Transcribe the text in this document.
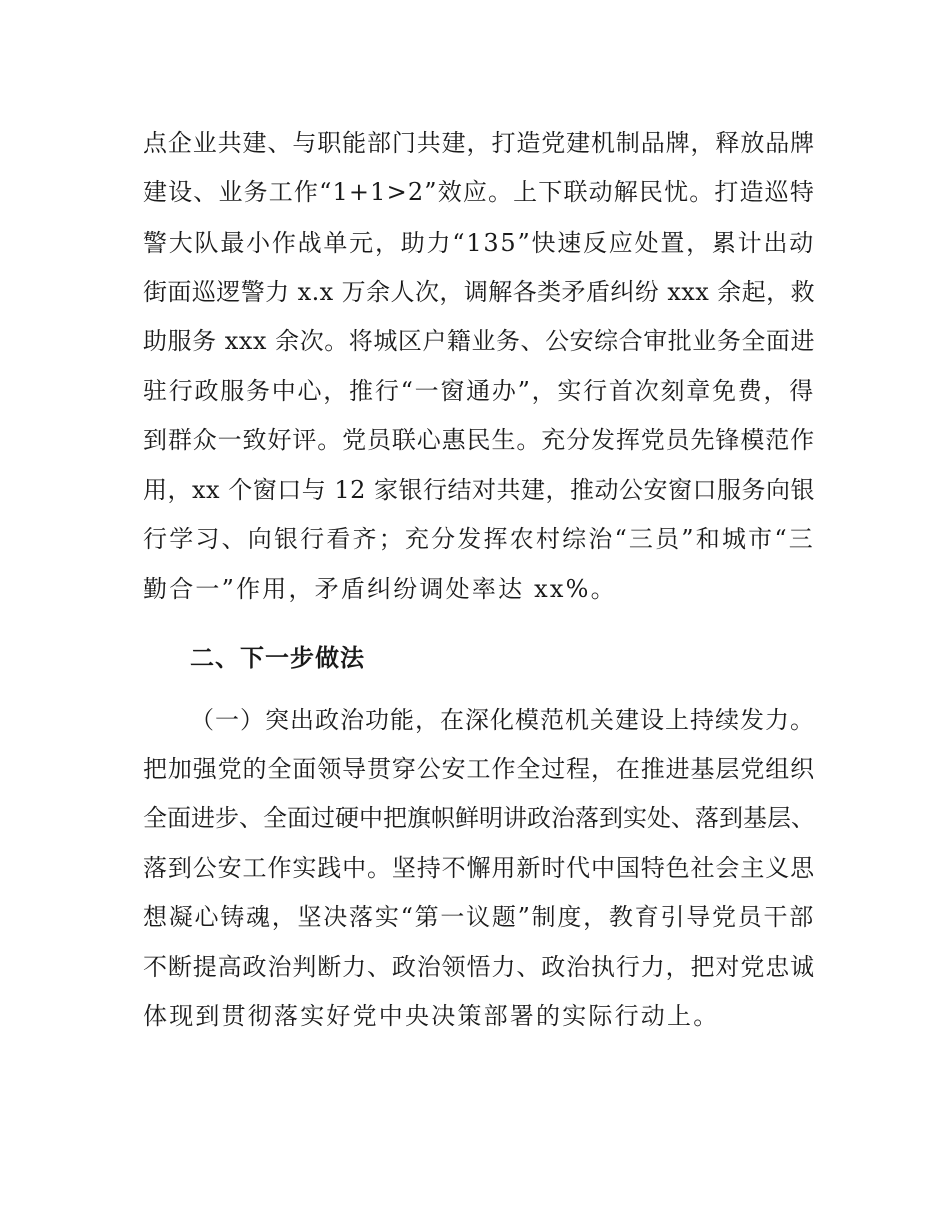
点企业共建、与职能部门共建，打造党建机制品牌，释放品牌
建设、业务工作“1+1>2”效应。上下联动解民忧。打造巡特
警大队最小作战单元，助力“135”快速反应处置，累计出动
街面巡逻警力 x.x 万余人次，调解各类矛盾纠纷 xxx 余起，救
助服务 xxx 余次。将城区户籍业务、公安综合审批业务全面进
驻行政服务中心，推行“一窗通办”，实行首次刻章免费，得
到群众一致好评。党员联心惠民生。充分发挥党员先锋模范作
用，xx 个窗口与 12 家银行结对共建，推动公安窗口服务向银
行学习、向银行看齐；充分发挥农村综治“三员”和城市“三
勤合一”作用，矛盾纠纷调处率达 xx%。
二、下一步做法
（一）突出政治功能，在深化模范机关建设上持续发力。
把加强党的全面领导贯穿公安工作全过程，在推进基层党组织
全面进步、全面过硬中把旗帜鲜明讲政治落到实处、落到基层、
落到公安工作实践中。坚持不懈用新时代中国特色社会主义思
想凝心铸魂，坚决落实“第一议题”制度，教育引导党员干部
不断提高政治判断力、政治领悟力、政治执行力，把对党忠诚
体现到贯彻落实好党中央决策部署的实际行动上。
